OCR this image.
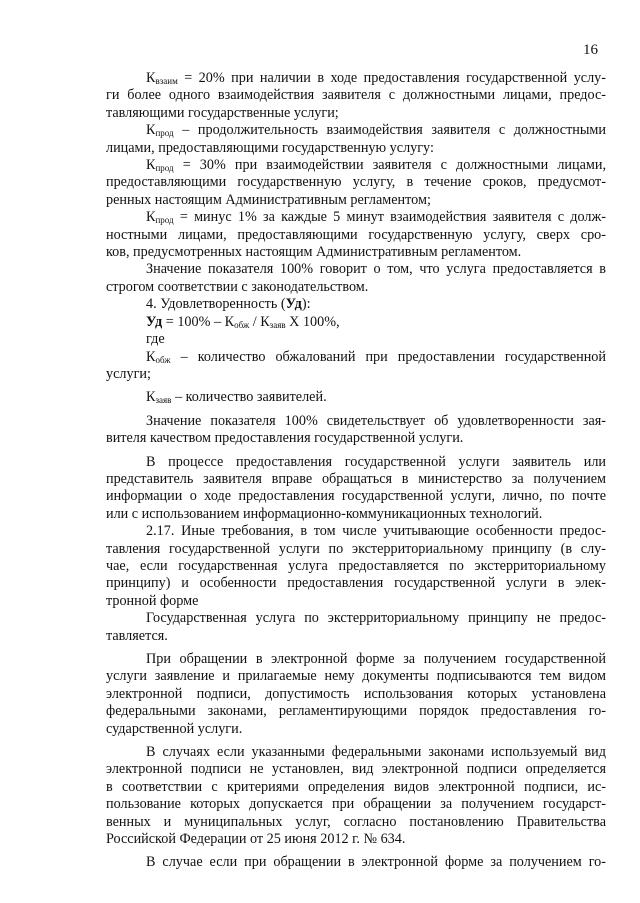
16
$К_{взаим} = 20\%$ при наличии в ходе предоставления государственной услу-
ги более одного взаимодействия заявителя с должностными лицами, предос-
тавляющими государственные услуги;
$К_{прод}$ – продолжительность взаимодействия заявителя с должностными
лицами, предоставляющими государственную услугу:
$К_{прод} = 30\%$ при взаимодействии заявителя с должностными лицами,
предоставляющими государственную услугу, в течение сроков, предусмот-
ренных настоящим Административным регламентом;
$К_{прод}$ = минус 1% за каждые 5 минут взаимодействия заявителя с долж-
ностными лицами, предоставляющими государственную услугу, сверх сро-
ков, предусмотренных настоящим Административным регламентом.
Значение показателя 100% говорит о том, что услуга предоставляется в
строгом соответствии с законодательством.
4. Удовлетворенность (Уд):
Уд = $100\% - К_{обж} / К_{заяв}$ Х 100%,
где
$К_{обж}$ – количество обжалований при предоставлении государственной
услуги;
$К_{заяв}$ – количество заявителей.
Значение показателя 100% свидетельствует об удовлетворенности зая-
вителя качеством предоставления государственной услуги.
В процессе предоставления государственной услуги заявитель или
представитель заявителя вправе обращаться в министерство за получением
информации о ходе предоставления государственной услуги, лично, по почте
или с использованием информационно-коммуникационных технологий.
2.17. Иные требования, в том числе учитывающие особенности предос-
тавления государственной услуги по экстерриториальному принципу (в слу-
чае, если государственная услуга предоставляется по экстерриториальному
принципу) и особенности предоставления государственной услуги в элек-
тронной форме
Государственная услуга по экстерриториальному принципу не предос-
тавляется.
При обращении в электронной форме за получением государственной
услуги заявление и прилагаемые нему документы подписываются тем видом
электронной подписи, допустимость использования которых установлена
федеральными законами, регламентирующими порядок предоставления го-
сударственной услуги.
В случаях если указанными федеральными законами используемый вид
электронной подписи не установлен, вид электронной подписи определяется
в соответствии с критериями определения видов электронной подписи, ис-
пользование которых допускается при обращении за получением государст-
венных и муниципальных услуг, согласно постановлению Правительства
Российской Федерации от 25 июня 2012 г. № 634.
В случае если при обращении в электронной форме за получением го-
